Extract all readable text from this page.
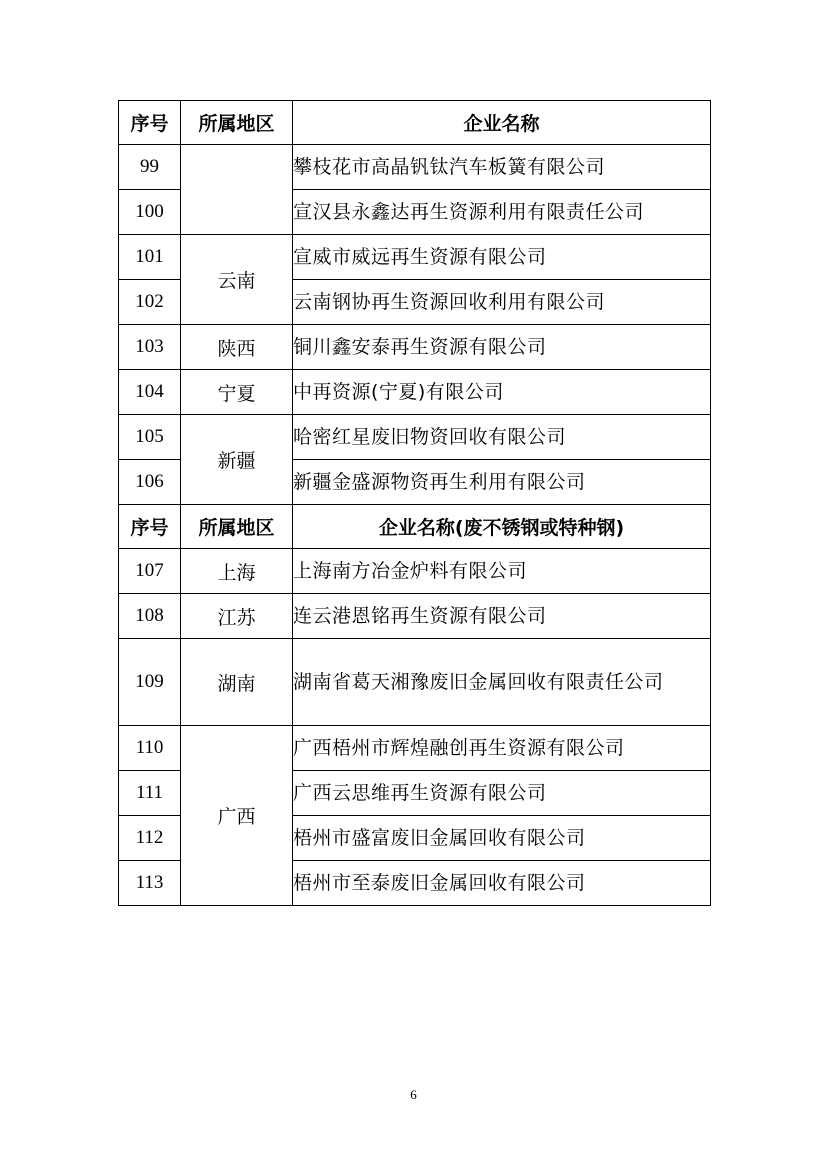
序号	所属地区	企业名称
99		攀枝花市高晶钒钛汽车板簧有限公司
100		宣汉县永鑫达再生资源利用有限责任公司
101	云南	宣威市威远再生资源有限公司
102		云南钢协再生资源回收利用有限公司
103	陕西	铜川鑫安泰再生资源有限公司
104	宁夏	中再资源(宁夏)有限公司
105	新疆	哈密红星废旧物资回收有限公司
106		新疆金盛源物资再生利用有限公司
序号	所属地区	企业名称(废不锈钢或特种钢)
107	上海	上海南方冶金炉料有限公司
108	江苏	连云港恩铭再生资源有限公司
109	湖南	湖南省葛天湘豫废旧金属回收有限责任公司
110	广西	广西梧州市辉煌融创再生资源有限公司
111		广西云思维再生资源有限公司
112		梧州市盛富废旧金属回收有限公司
113		梧州市至泰废旧金属回收有限公司
6
